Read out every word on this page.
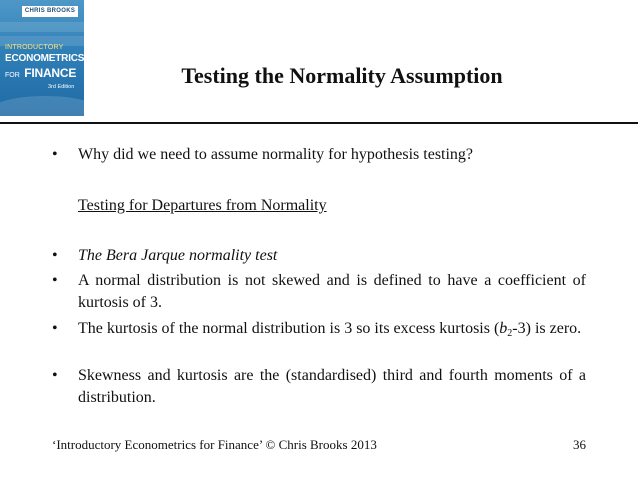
CHRIS BROOKS
INTRODUCTORY
ECONOMETRICS
FOR FINANCE
3rd Edition	Testing the Normality Assumption
• Why did we need to assume normality for hypothesis testing?
Testing for Departures from Normality
• The Bera Jarque normality test
• A normal distribution is not skewed and is defined to have a coefficient of kurtosis of 3.
• The kurtosis of the normal distribution is 3 so its excess kurtosis $(b_2-3)$ is zero.
• Skewness and kurtosis are the (standardised) third and fourth moments of a distribution.
‘Introductory Econometrics for Finance’ © Chris Brooks 2013	36
